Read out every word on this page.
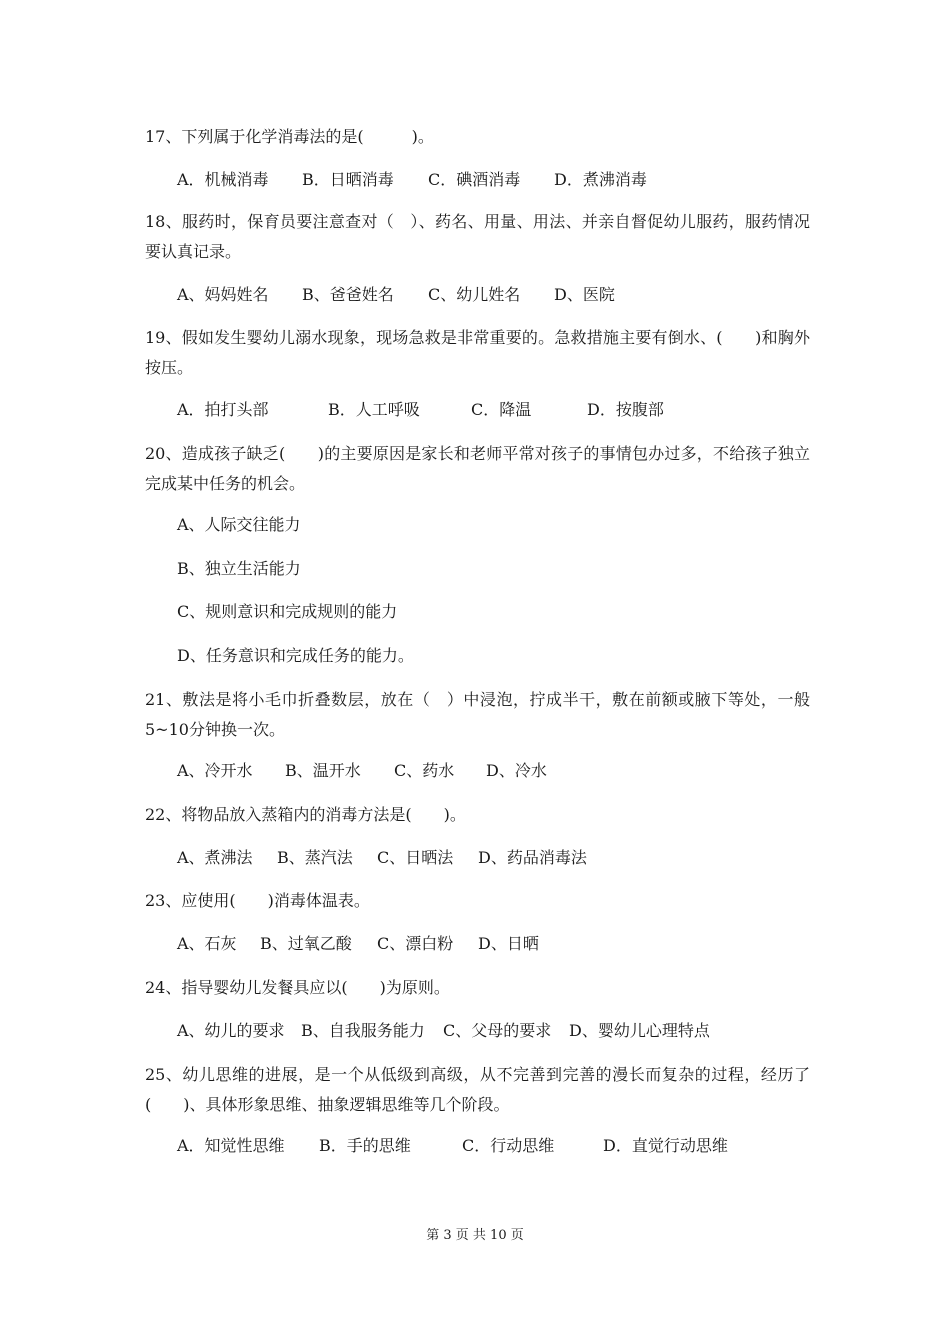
17、下列属于化学消毒法的是(　　　)。
A．机械消毒 B．日晒消毒 C．碘酒消毒 D．煮沸消毒
18、服药时，保育员要注意查对（　）、药名、用量、用法、并亲自督促幼儿服药，服药情况要认真记录。
A、妈妈姓名 B、爸爸姓名 C、幼儿姓名 D、医院
19、假如发生婴幼儿溺水现象，现场急救是非常重要的。急救措施主要有倒水、(　　)和胸外按压。
A．拍打头部	B．人工呼吸	C．降温	D．按腹部
20、造成孩子缺乏(　　)的主要原因是家长和老师平常对孩子的事情包办过多，不给孩子独立完成某中任务的机会。
A、人际交往能力
B、独立生活能力
C、规则意识和完成规则的能力
D、任务意识和完成任务的能力。
21、敷法是将小毛巾折叠数层，放在（　）中浸泡，拧成半干，敷在前额或腋下等处，一般5~10分钟换一次。
A、冷开水 B、温开水 C、药水 D、冷水
22、将物品放入蒸箱内的消毒方法是(　　)。
A、煮沸法 B、蒸汽法 C、日晒法 D、药品消毒法
23、应使用(　　)消毒体温表。
A、石灰 B、过氧乙酸 C、漂白粉 D、日晒
24、指导婴幼儿发餐具应以(　　)为原则。
A、幼儿的要求 B、自我服务能力 C、父母的要求 D、婴幼儿心理特点
25、幼儿思维的进展，是一个从低级到高级，从不完善到完善的漫长而复杂的过程，经历了(　　)、具体形象思维、抽象逻辑思维等几个阶段。
A．知觉性思维 B．手的思维	C．行动思维	D．直觉行动思维
第 3 页 共 10 页
